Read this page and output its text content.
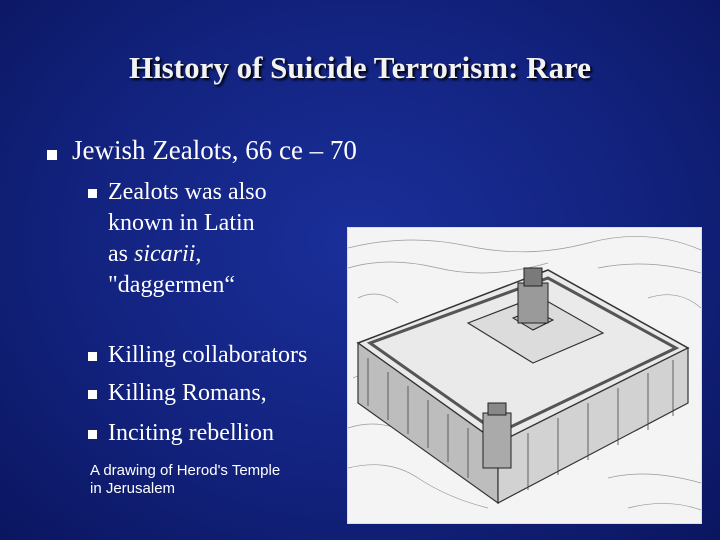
History of Suicide Terrorism: Rare
Jewish Zealots, 66 ce – 70
Zealots was also
known in Latin
as sicarii,
"daggermen“
Killing collaborators
Killing Romans,
Inciting rebellion
A drawing of Herod's Temple
in Jerusalem
